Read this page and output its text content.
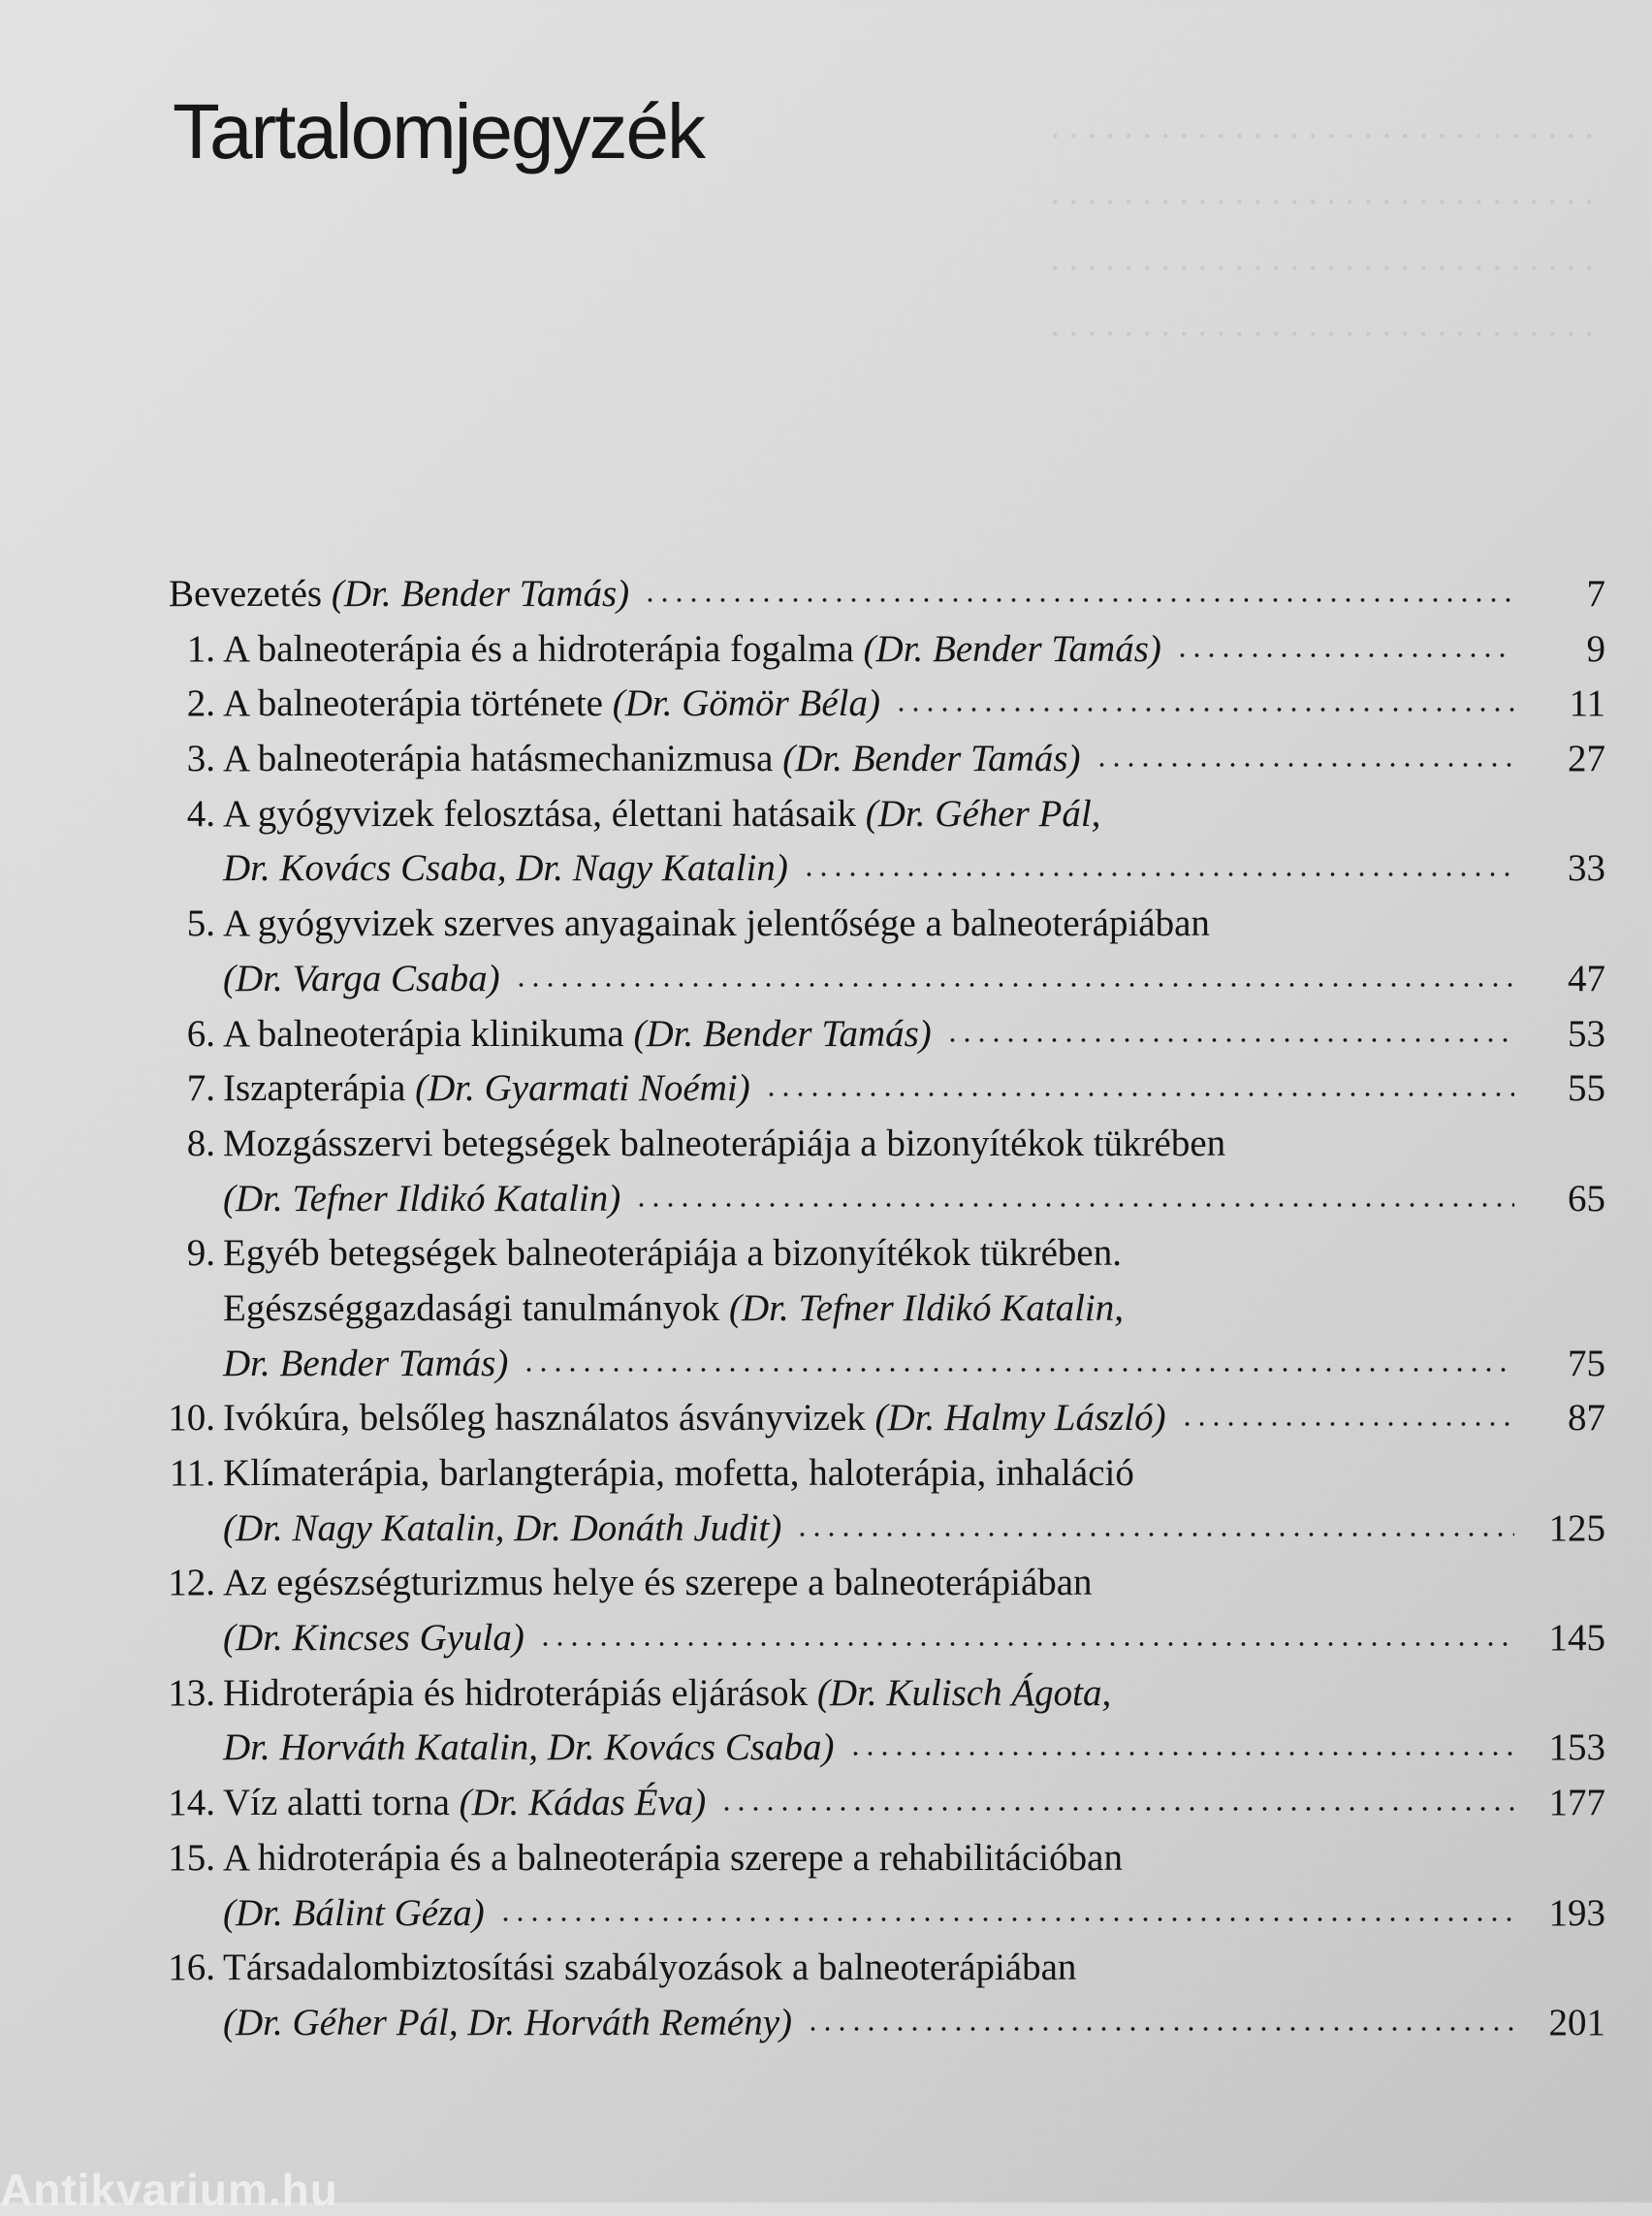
. . . . . . . . . . . . . . . . . . . . . . . . . . . . . .
. . . . . . . . . . . . . . . . . . . . . . . . . . . . . .
. . . . . . . . . . . . . . . . . . . . . . . . . . . . . .
. . . . . . . . . . . . . . . . . . . . . . . . . . . . . .
Tartalomjegyzék
Bevezetés (Dr. Bender Tamás)	7
1. A balneoterápia és a hidroterápia fogalma (Dr. Bender Tamás)	9
2. A balneoterápia története (Dr. Gömör Béla)	11
3. A balneoterápia hatásmechanizmusa (Dr. Bender Tamás)	27
4. A gyógyvizek felosztása, élettani hatásaik (Dr. Géher Pál,
Dr. Kovács Csaba, Dr. Nagy Katalin)	33
5. A gyógyvizek szerves anyagainak jelentősége a balneoterápiában
(Dr. Varga Csaba)	47
6. A balneoterápia klinikuma (Dr. Bender Tamás)	53
7. Iszapterápia (Dr. Gyarmati Noémi)	55
8. Mozgásszervi betegségek balneoterápiája a bizonyítékok tükrében
(Dr. Tefner Ildikó Katalin)	65
9. Egyéb betegségek balneoterápiája a bizonyítékok tükrében.
Egészséggazdasági tanulmányok (Dr. Tefner Ildikó Katalin,
Dr. Bender Tamás)	75
10. Ivókúra, belsőleg használatos ásványvizek (Dr. Halmy László)	87
11. Klímaterápia, barlangterápia, mofetta, haloterápia, inhaláció
(Dr. Nagy Katalin, Dr. Donáth Judit)	125
12. Az egészségturizmus helye és szerepe a balneoterápiában
(Dr. Kincses Gyula)	145
13. Hidroterápia és hidroterápiás eljárások (Dr. Kulisch Ágota,
Dr. Horváth Katalin, Dr. Kovács Csaba)	153
14. Víz alatti torna (Dr. Kádas Éva)	177
15. A hidroterápia és a balneoterápia szerepe a rehabilitációban
(Dr. Bálint Géza)	193
16. Társadalombiztosítási szabályozások a balneoterápiában
(Dr. Géher Pál, Dr. Horváth Remény)	201
Antikvarium.hu
